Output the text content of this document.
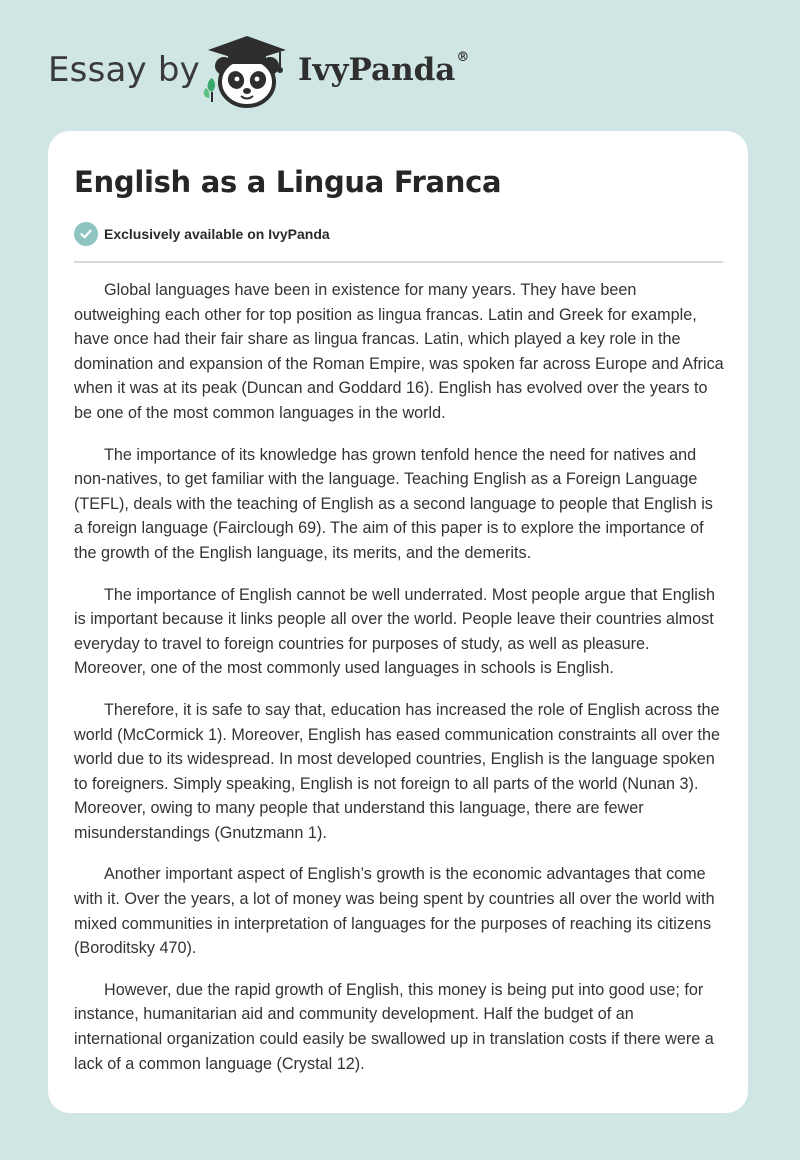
Essay by	IvyPanda®
English as a Lingua Franca
Exclusively available on IvyPanda

Global languages have been in existence for many years. They have been outweighing each other for top position as lingua francas. Latin and Greek for example, have once had their fair share as lingua francas. Latin, which played a key role in the domination and expansion of the Roman Empire, was spoken far across Europe and Africa when it was at its peak (Duncan and Goddard 16). English has evolved over the years to be one of the most common languages in the world.

The importance of its knowledge has grown tenfold hence the need for natives and non-natives, to get familiar with the language. Teaching English as a Foreign Language (TEFL), deals with the teaching of English as a second language to people that English is a foreign language (Fairclough 69). The aim of this paper is to explore the importance of the growth of the English language, its merits, and the demerits.

The importance of English cannot be well underrated. Most people argue that English is important because it links people all over the world. People leave their countries almost everyday to travel to foreign countries for purposes of study, as well as pleasure. Moreover, one of the most commonly used languages in schools is English.

Therefore, it is safe to say that, education has increased the role of English across the world (McCormick 1). Moreover, English has eased communication constraints all over the world due to its widespread. In most developed countries, English is the language spoken to foreigners. Simply speaking, English is not foreign to all parts of the world (Nunan 3). Moreover, owing to many people that understand this language, there are fewer misunderstandings (Gnutzmann 1).

Another important aspect of English’s growth is the economic advantages that come with it. Over the years, a lot of money was being spent by countries all over the world with mixed communities in interpretation of languages for the purposes of reaching its citizens (Boroditsky 470).

However, due the rapid growth of English, this money is being put into good use; for instance, humanitarian aid and community development. Half the budget of an international organization could easily be swallowed up in translation costs if there were a lack of a common language (Crystal 12).
